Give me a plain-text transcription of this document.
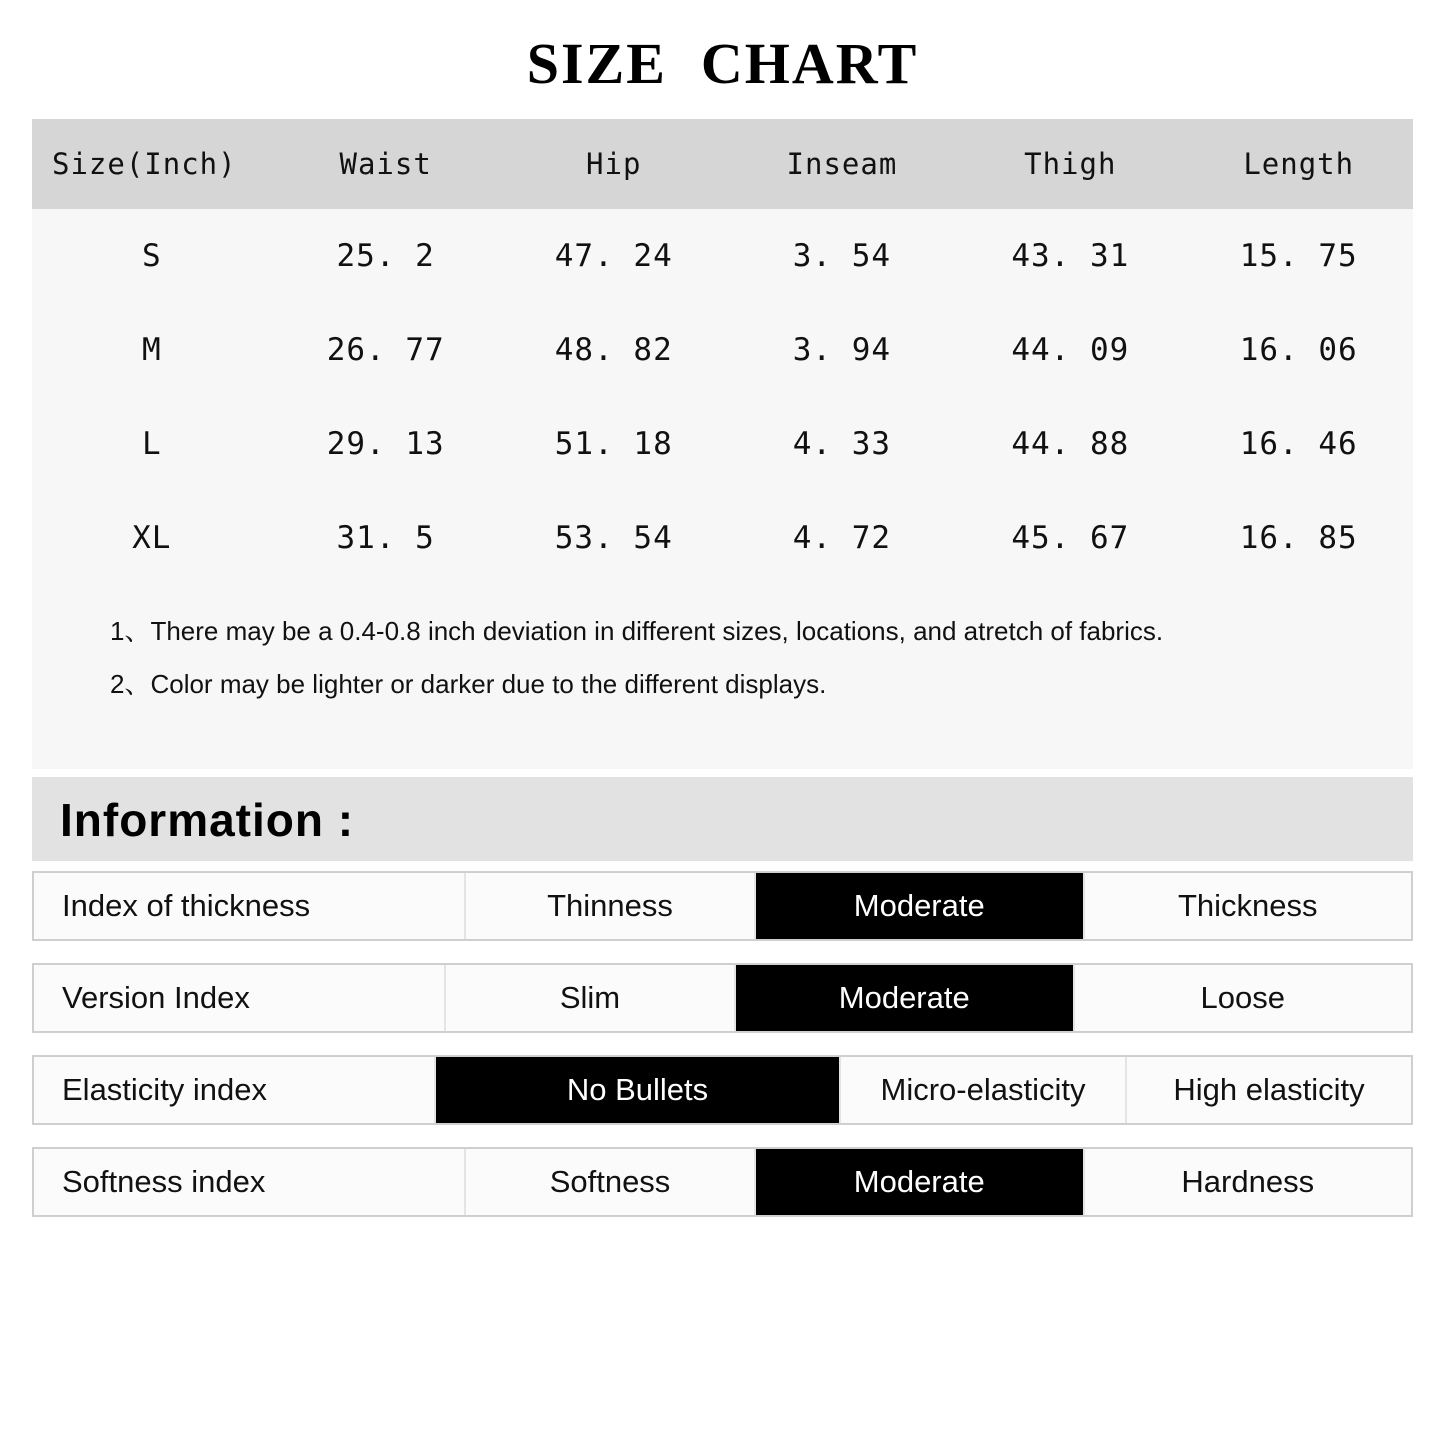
SIZE CHART
Size(Inch)	Waist	Hip	Inseam	Thigh	Length
S	25. 2	47. 24	3. 54	43. 31	15. 75
M	26. 77	48. 82	3. 94	44. 09	16. 06
L	29. 13	51. 18	4. 33	44. 88	16. 46
XL	31. 5	53. 54	4. 72	45. 67	16. 85
1、There may be a 0.4-0.8 inch deviation in different sizes, locations, and atretch of fabrics.
2、Color may be lighter or darker due to the different displays.
Information :
Index of thickness	Thinness	Moderate	Thickness
Version Index	Slim	Moderate	Loose
Elasticity index	No Bullets	Micro-elasticity	High elasticity
Softness index	Softness	Moderate	Hardness
